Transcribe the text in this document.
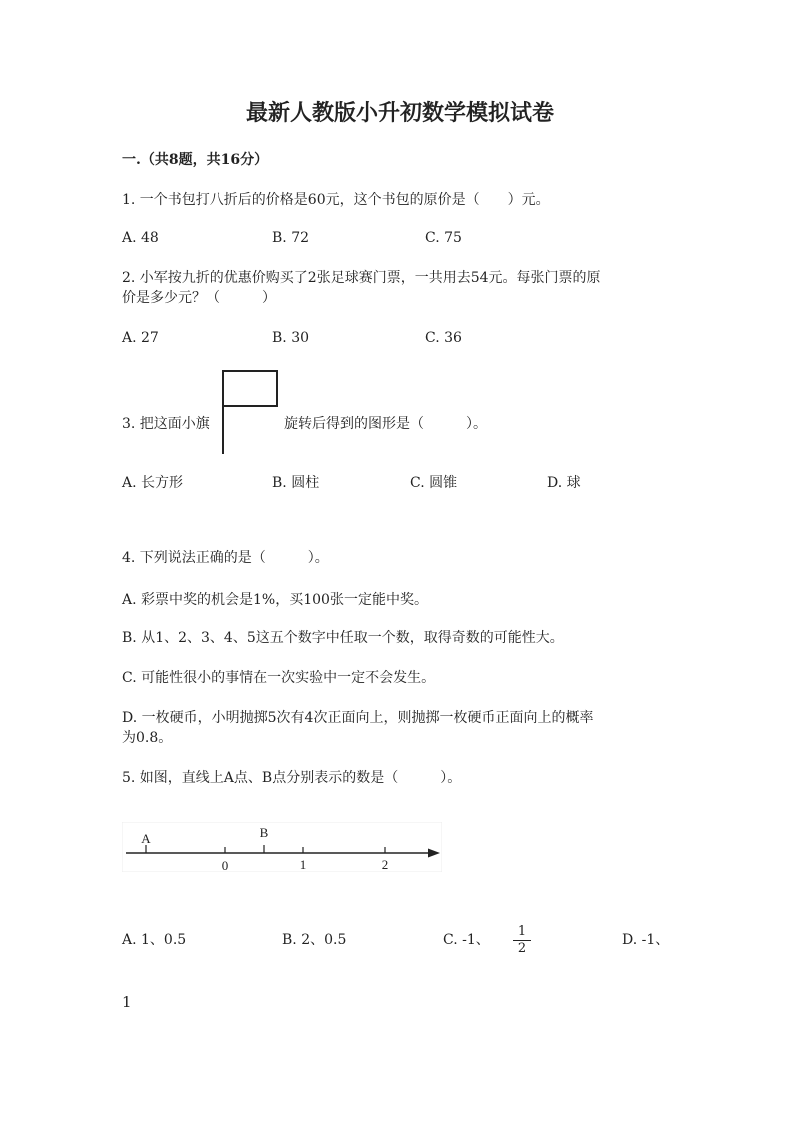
最新人教版小升初数学模拟试卷
一.（共8题，共16分）
1. 一个书包打八折后的价格是60元，这个书包的原价是（　　）元。
A. 48	B. 72	C. 75
2. 小军按九折的优惠价购买了2张足球赛门票，一共用去54元。每张门票的原
价是多少元？（　　　）
A. 27	B. 30	C. 36
3. 把这面小旗	旋转后得到的图形是（　　　）。
A. 长方形	B. 圆柱	C. 圆锥	D. 球
4. 下列说法正确的是（　　　）。
A. 彩票中奖的机会是1%，买100张一定能中奖。
B. 从1、2、3、4、5这五个数字中任取一个数，取得奇数的可能性大。
C. 可能性很小的事情在一次实验中一定不会发生。
D. 一枚硬币，小明抛掷5次有4次正面向上，则抛掷一枚硬币正面向上的概率
为0.8。
5. 如图，直线上A点、B点分别表示的数是（　　　）。
A	B
0	1	2
A. 1、0.5	B. 2、0.5	C. -1、
1
2
D. -1、
1
